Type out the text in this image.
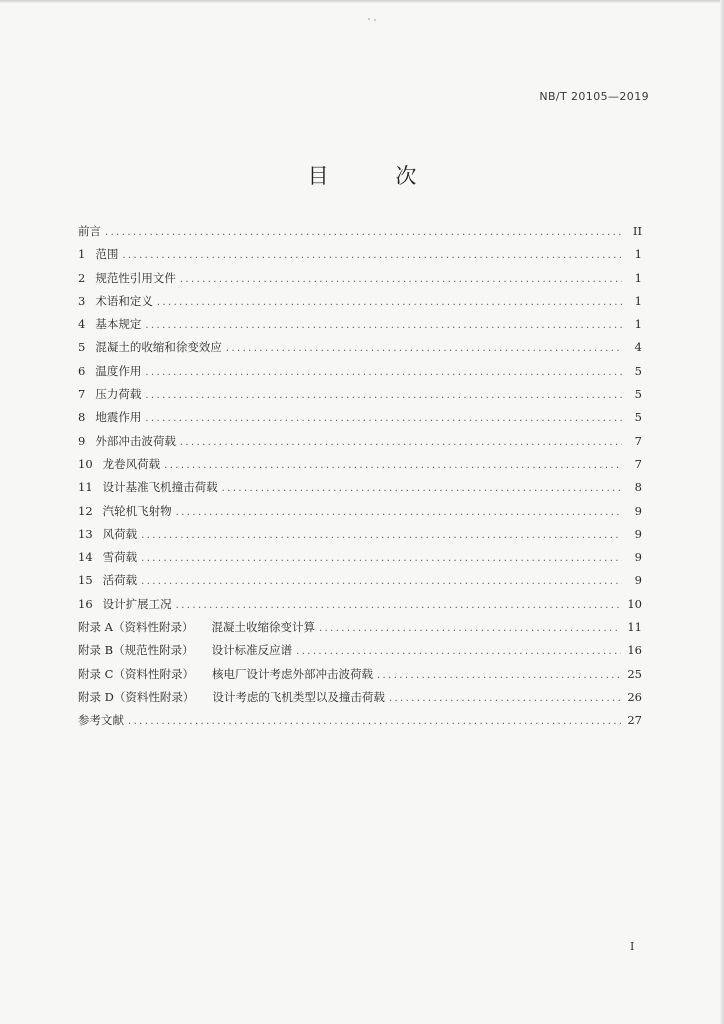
NB/T 20105—2019
目 次
前言 .....	II
1 范围 .....	1
2 规范性引用文件 .....	1
3 术语和定义 .....	1
4 基本规定 .....	1
5 混凝土的收缩和徐变效应 .....	4
6 温度作用 .....	5
7 压力荷载 .....	5
8 地震作用 .....	5
9 外部冲击波荷载 .....	7
10 龙卷风荷载 .....	7
11 设计基准飞机撞击荷载 .....	8
12 汽轮机飞射物 .....	9
13 风荷载 .....	9
14 雪荷载 .....	9
15 活荷载 .....	9
16 设计扩展工况 .....	10
附录 A（资料性附录） 混凝土收缩徐变计算 .....	11
附录 B（规范性附录） 设计标准反应谱 .....	16
附录 C（资料性附录） 核电厂设计考虑外部冲击波荷载 .....	25
附录 D（资料性附录） 设计考虑的飞机类型以及撞击荷载 .....	26
参考文献 .....	27
I
